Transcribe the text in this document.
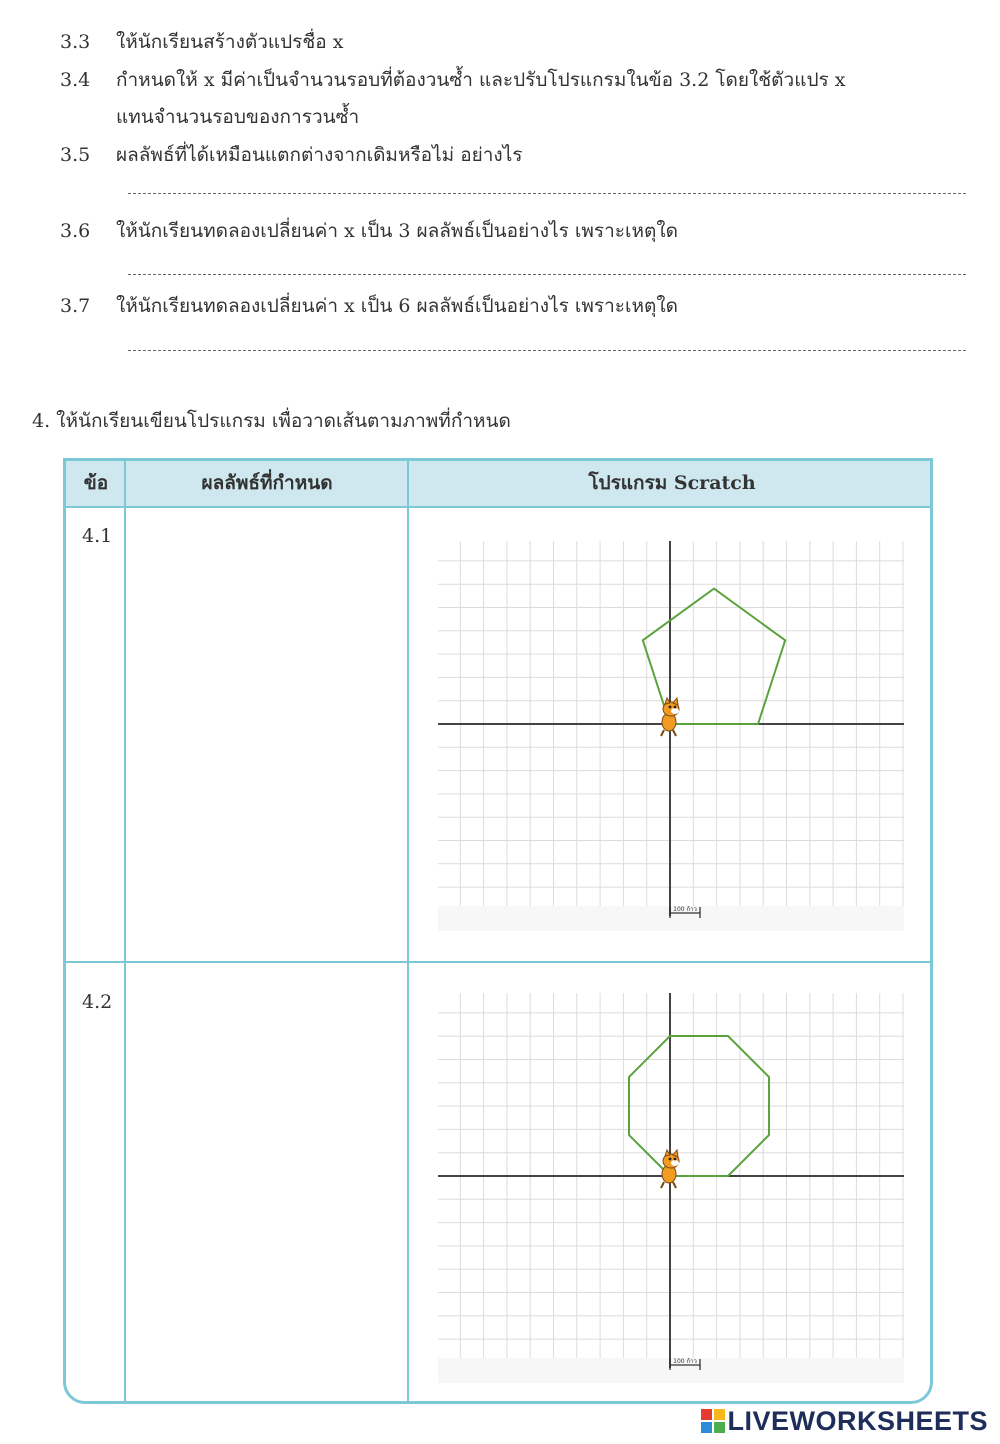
3.3 ให้นักเรียนสร้างตัวแปรชื่อ x
3.4 กำหนดให้ x มีค่าเป็นจำนวนรอบที่ต้องวนซ้ำ และปรับโปรแกรมในข้อ 3.2 โดยใช้ตัวแปร x
แทนจำนวนรอบของการวนซ้ำ
3.5 ผลลัพธ์ที่ได้เหมือนแตกต่างจากเดิมหรือไม่ อย่างไร
3.6 ให้นักเรียนทดลองเปลี่ยนค่า x เป็น 3 ผลลัพธ์เป็นอย่างไร เพราะเหตุใด
3.7 ให้นักเรียนทดลองเปลี่ยนค่า x เป็น 6 ผลลัพธ์เป็นอย่างไร เพราะเหตุใด
4. ให้นักเรียนเขียนโปรแกรม เพื่อวาดเส้นตามภาพที่กำหนด
ข้อ	ผลลัพธ์ที่กำหนด	โปรแกรม Scratch
4.1
100 ก้าว
4.2
100 ก้าว
LIVEWORKSHEETS
